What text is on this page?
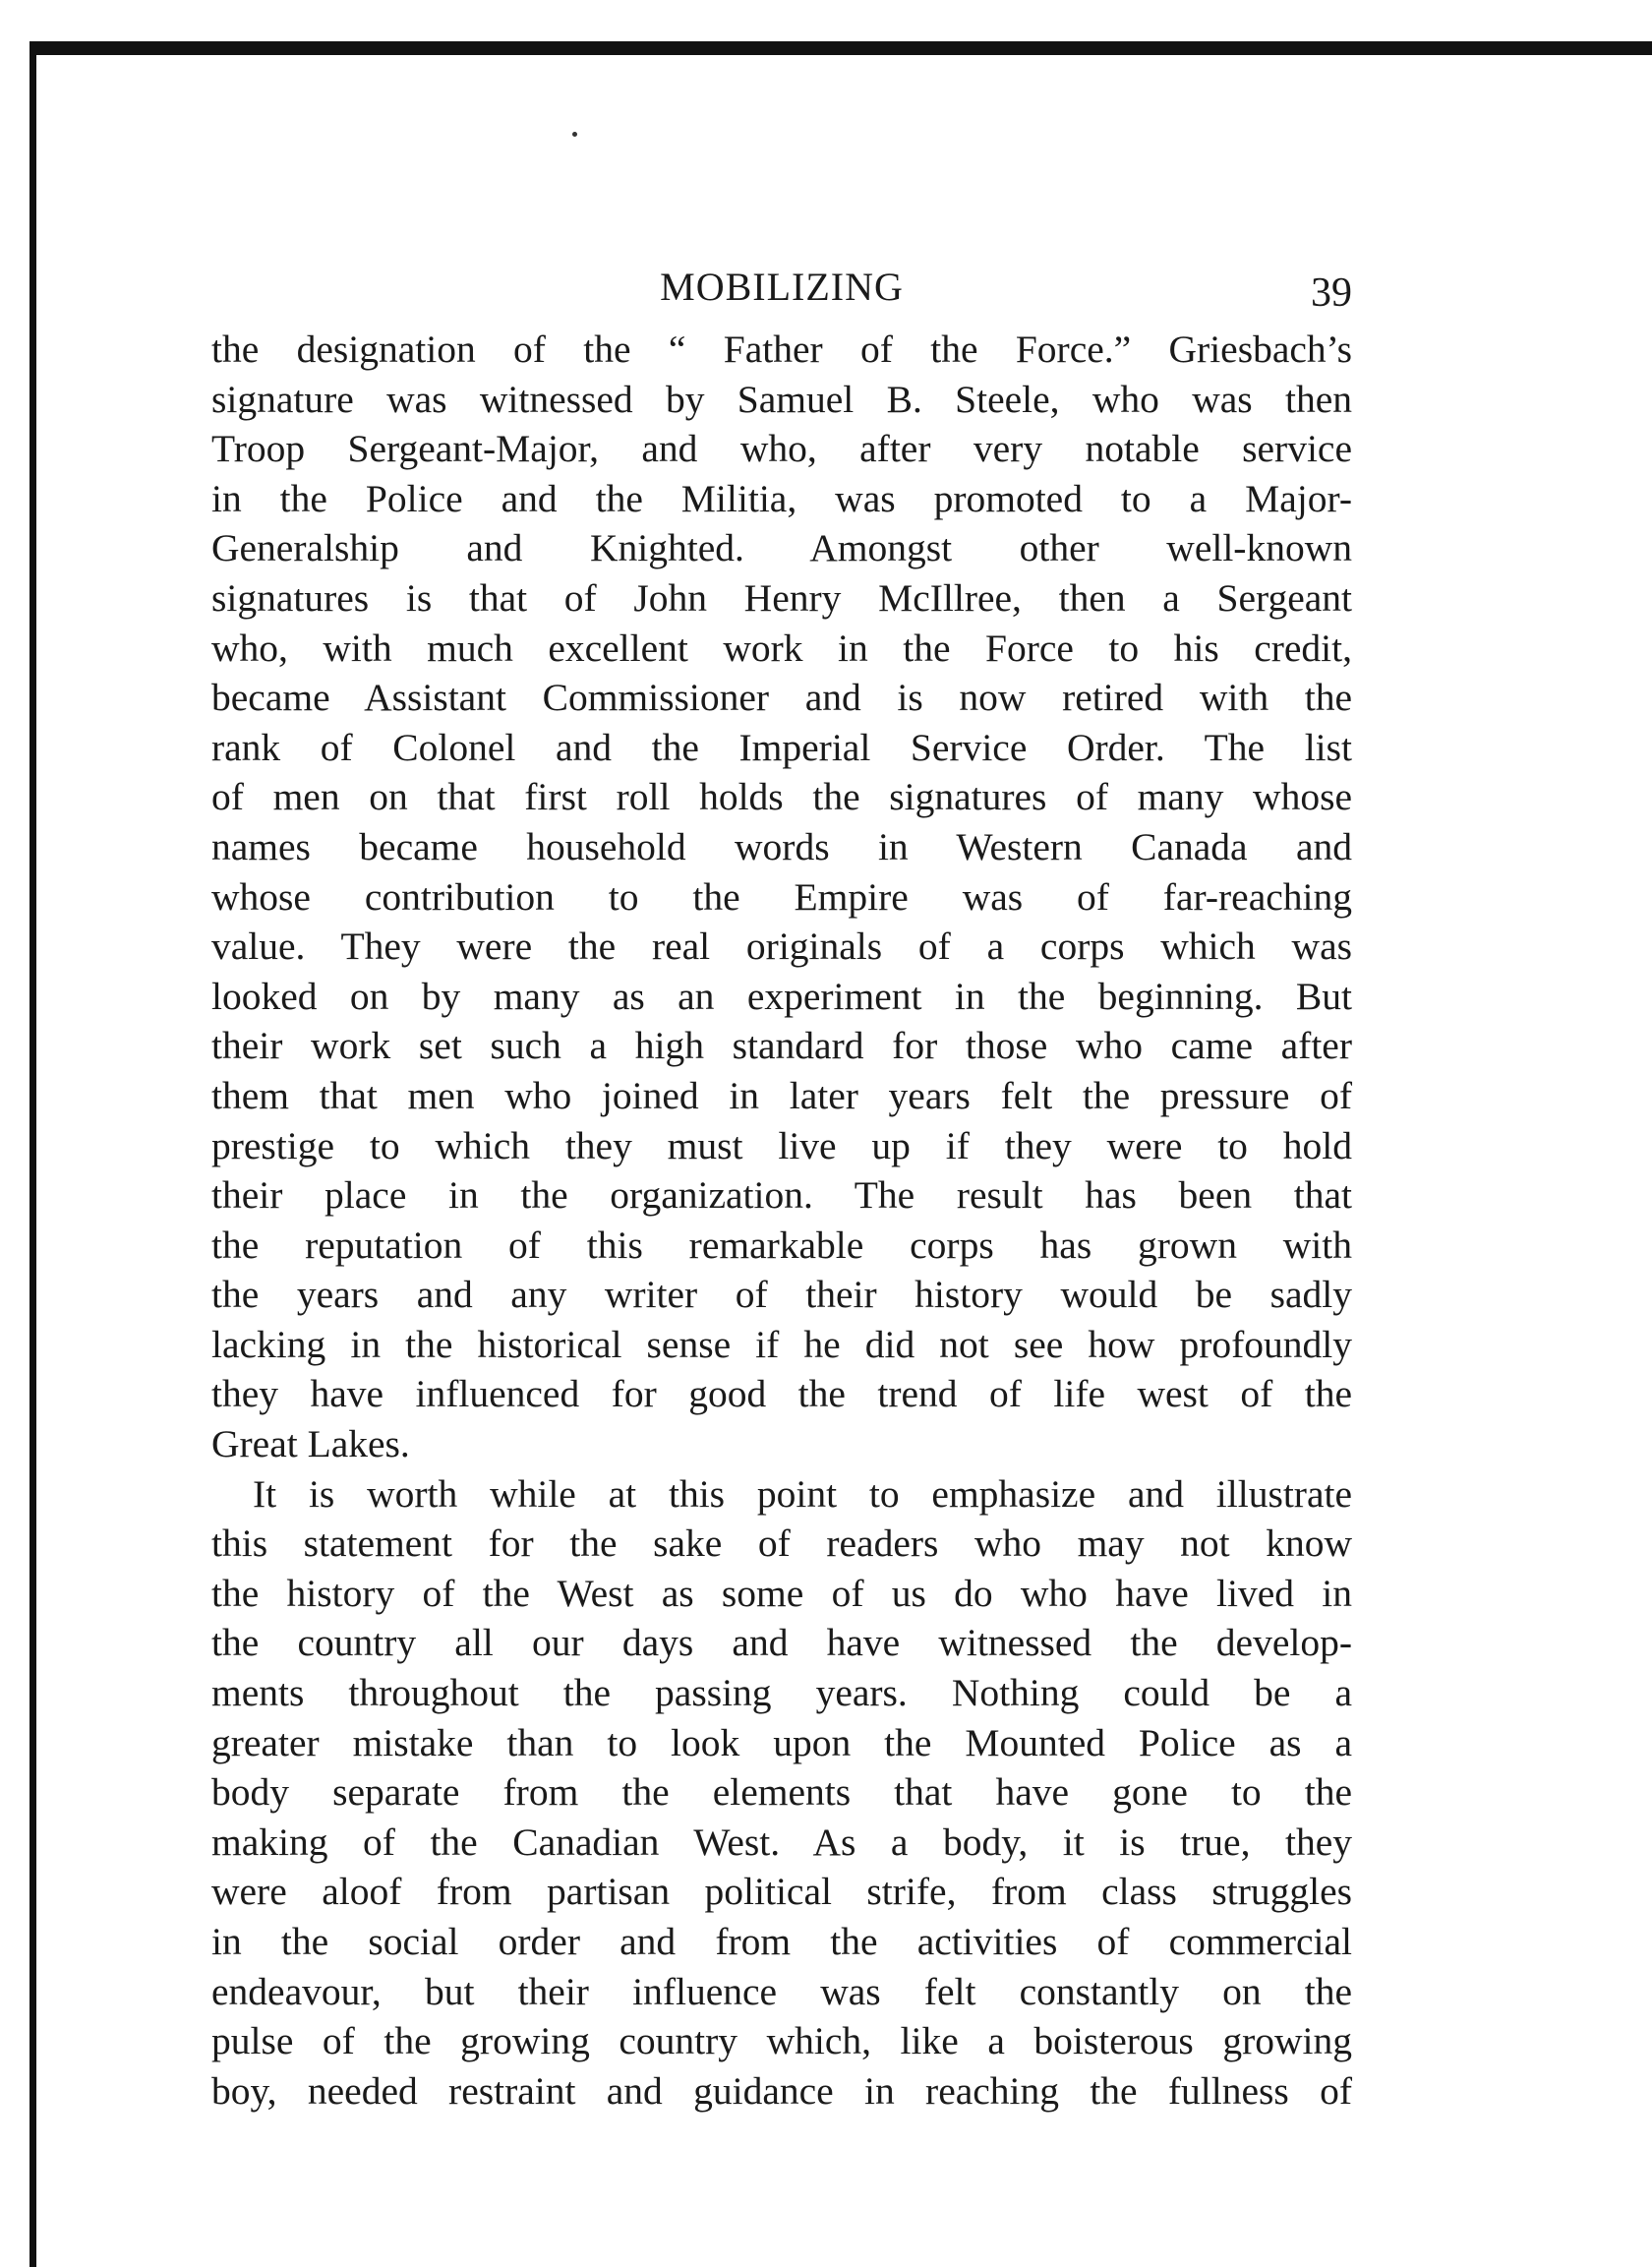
MOBILIZING	39
the designation of the “ Father of the Force.” Griesbach’s
signature was witnessed by Samuel B. Steele, who was then
Troop Sergeant-Major, and who, after very notable service
in the Police and the Militia, was promoted to a Major-
Generalship and Knighted. Amongst other well-known
signatures is that of John Henry McIllree, then a Sergeant
who, with much excellent work in the Force to his credit,
became Assistant Commissioner and is now retired with the
rank of Colonel and the Imperial Service Order. The list
of men on that first roll holds the signatures of many whose
names became household words in Western Canada and
whose contribution to the Empire was of far-reaching
value. They were the real originals of a corps which was
looked on by many as an experiment in the beginning. But
their work set such a high standard for those who came after
them that men who joined in later years felt the pressure of
prestige to which they must live up if they were to hold
their place in the organization. The result has been that
the reputation of this remarkable corps has grown with
the years and any writer of their history would be sadly
lacking in the historical sense if he did not see how profoundly
they have influenced for good the trend of life west of the
Great Lakes.
It is worth while at this point to emphasize and illustrate
this statement for the sake of readers who may not know
the history of the West as some of us do who have lived in
the country all our days and have witnessed the develop-
ments throughout the passing years. Nothing could be a
greater mistake than to look upon the Mounted Police as a
body separate from the elements that have gone to the
making of the Canadian West. As a body, it is true, they
were aloof from partisan political strife, from class struggles
in the social order and from the activities of commercial
endeavour, but their influence was felt constantly on the
pulse of the growing country which, like a boisterous growing
boy, needed restraint and guidance in reaching the fullness of
